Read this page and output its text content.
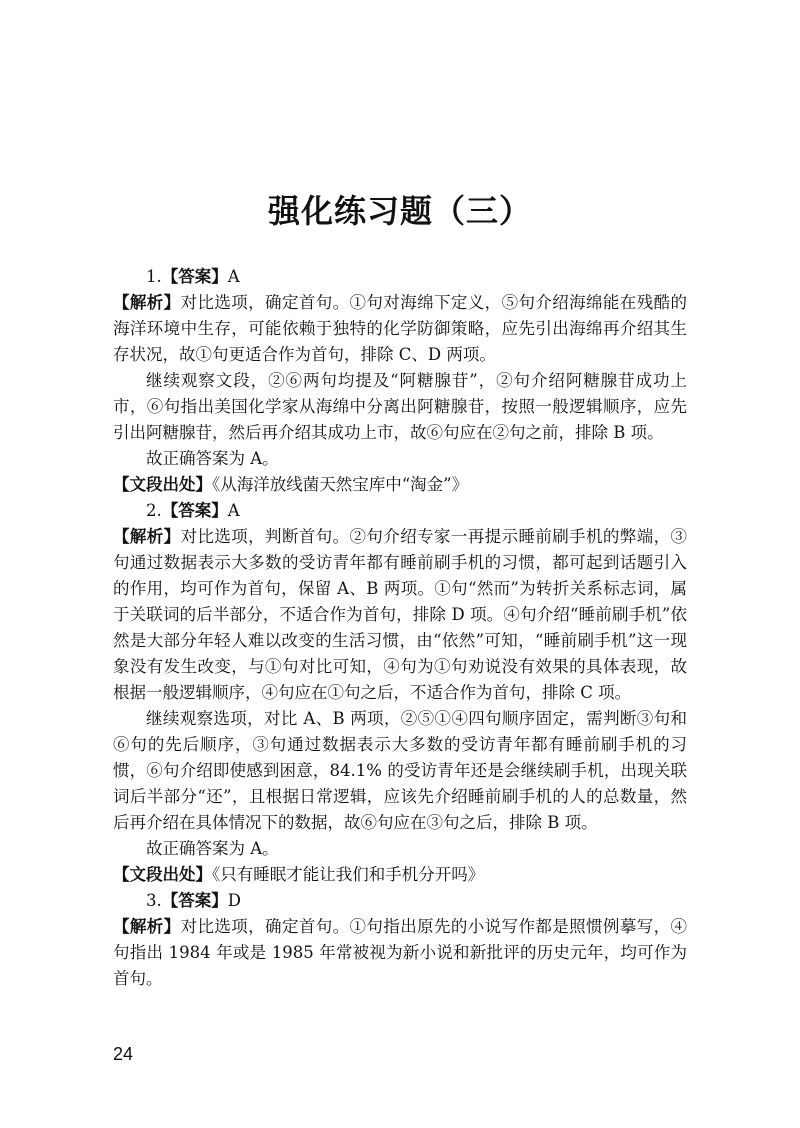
强化练习题（三）

1.【答案】A

【解析】对比选项，确定首句。①句对海绵下定义，⑤句介绍海绵能在残酷的海洋环境中生存，可能依赖于独特的化学防御策略，应先引出海绵再介绍其生存状况，故①句更适合作为首句，排除 C、D 两项。

继续观察文段，②⑥两句均提及“阿糖腺苷”，②句介绍阿糖腺苷成功上市，⑥句指出美国化学家从海绵中分离出阿糖腺苷，按照一般逻辑顺序，应先引出阿糖腺苷，然后再介绍其成功上市，故⑥句应在②句之前，排除 B 项。

故正确答案为 A。

【文段出处】《从海洋放线菌天然宝库中“淘金”》

2.【答案】A

【解析】对比选项，判断首句。②句介绍专家一再提示睡前刷手机的弊端，③句通过数据表示大多数的受访青年都有睡前刷手机的习惯，都可起到话题引入的作用，均可作为首句，保留 A、B 两项。①句“然而”为转折关系标志词，属于关联词的后半部分，不适合作为首句，排除 D 项。④句介绍“睡前刷手机”依然是大部分年轻人难以改变的生活习惯，由“依然”可知，“睡前刷手机”这一现象没有发生改变，与①句对比可知，④句为①句劝说没有效果的具体表现，故根据一般逻辑顺序，④句应在①句之后，不适合作为首句，排除 C 项。

继续观察选项，对比 A、B 两项，②⑤①④四句顺序固定，需判断③句和⑥句的先后顺序，③句通过数据表示大多数的受访青年都有睡前刷手机的习惯，⑥句介绍即使感到困意，84.1% 的受访青年还是会继续刷手机，出现关联词后半部分“还”，且根据日常逻辑，应该先介绍睡前刷手机的人的总数量，然后再介绍在具体情况下的数据，故⑥句应在③句之后，排除 B 项。

故正确答案为 A。

【文段出处】《只有睡眠才能让我们和手机分开吗》

3.【答案】D

【解析】对比选项，确定首句。①句指出原先的小说写作都是照惯例摹写，④句指出 1984 年或是 1985 年常被视为新小说和新批评的历史元年，均可作为首句。

24
